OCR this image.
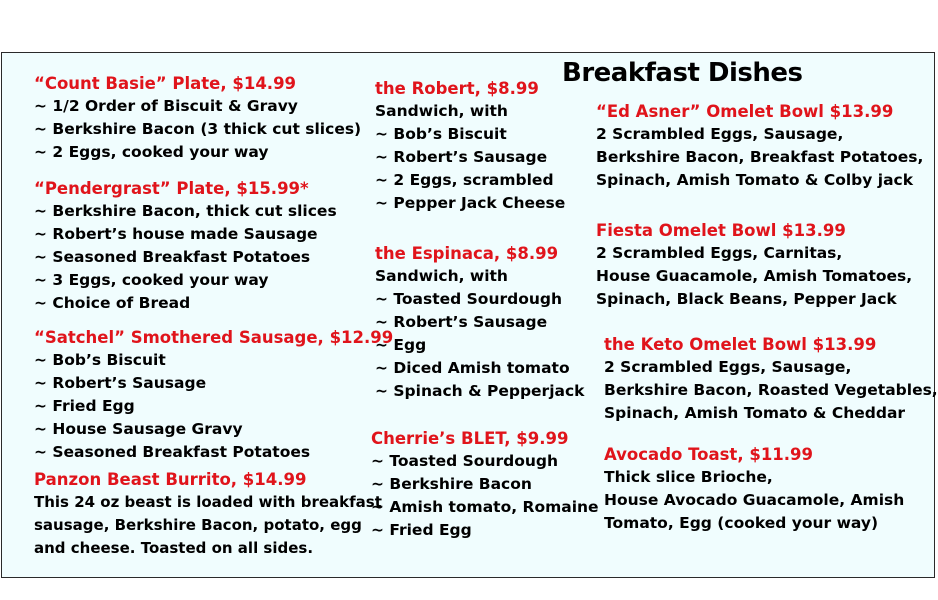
Breakfast Dishes
“Count Basie” Plate, $14.99
~ 1/2 Order of Biscuit & Gravy
~ Berkshire Bacon (3 thick cut slices)
~ 2 Eggs, cooked your way
“Pendergrast” Plate, $15.99*
~ Berkshire Bacon, thick cut slices
~ Robert’s house made Sausage
~ Seasoned Breakfast Potatoes
~ 3 Eggs, cooked your way
~ Choice of Bread
“Satchel” Smothered Sausage, $12.99
~ Bob’s Biscuit
~ Robert’s Sausage
~ Fried Egg
~ House Sausage Gravy
~ Seasoned Breakfast Potatoes
Panzon Beast Burrito, $14.99
This 24 oz beast is loaded with breakfast
sausage, Berkshire Bacon, potato, egg
and cheese. Toasted on all sides.
the Robert, $8.99
Sandwich, with
~ Bob’s Biscuit
~ Robert’s Sausage
~ 2 Eggs, scrambled
~ Pepper Jack Cheese
the Espinaca, $8.99
Sandwich, with
~ Toasted Sourdough
~ Robert’s Sausage
~ Egg
~ Diced Amish tomato
~ Spinach & Pepperjack
Cherrie’s BLET, $9.99
~ Toasted Sourdough
~ Berkshire Bacon
~ Amish tomato, Romaine
~ Fried Egg
“Ed Asner” Omelet Bowl $13.99
2 Scrambled Eggs, Sausage,
Berkshire Bacon, Breakfast Potatoes,
Spinach, Amish Tomato & Colby jack
Fiesta Omelet Bowl $13.99
2 Scrambled Eggs, Carnitas,
House Guacamole, Amish Tomatoes,
Spinach, Black Beans, Pepper Jack
the Keto Omelet Bowl $13.99
2 Scrambled Eggs, Sausage,
Berkshire Bacon, Roasted Vegetables,
Spinach, Amish Tomato & Cheddar
Avocado Toast, $11.99
Thick slice Brioche,
House Avocado Guacamole, Amish
Tomato, Egg (cooked your way)
